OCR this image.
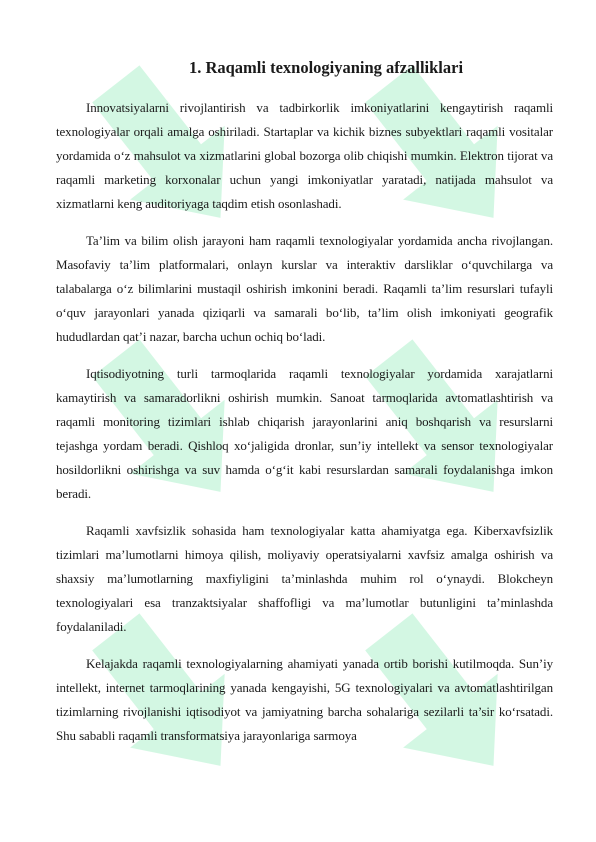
1. Raqamli texnologiyaning afzalliklari

Innovatsiyalarni rivojlantirish va tadbirkorlik imkoniyatlarini kengaytirish raqamli texnologiyalar orqali amalga oshiriladi. Startaplar va kichik biznes subyektlari raqamli vositalar yordamida o‘z mahsulot va xizmatlarini global bozorga olib chiqishi mumkin. Elektron tijorat va raqamli marketing korxonalar uchun yangi imkoniyatlar yaratadi, natijada mahsulot va xizmatlarni keng auditoriyaga taqdim etish osonlashadi.

Ta’lim va bilim olish jarayoni ham raqamli texnologiyalar yordamida ancha rivojlangan. Masofaviy ta’lim platformalari, onlayn kurslar va interaktiv darsliklar o‘quvchilarga va talabalarga o‘z bilimlarini mustaqil oshirish imkonini beradi. Raqamli ta’lim resurslari tufayli o‘quv jarayonlari yanada qiziqarli va samarali bo‘lib, ta’lim olish imkoniyati geografik hududlardan qat’i nazar, barcha uchun ochiq bo‘ladi.

Iqtisodiyotning turli tarmoqlarida raqamli texnologiyalar yordamida xarajatlarni kamaytirish va samaradorlikni oshirish mumkin. Sanoat tarmoqlarida avtomatlashtirish va raqamli monitoring tizimlari ishlab chiqarish jarayonlarini aniq boshqarish va resurslarni tejashga yordam beradi. Qishloq xo‘jaligida dronlar, sun’iy intellekt va sensor texnologiyalar hosildorlikni oshirishga va suv hamda o‘g‘it kabi resurslardan samarali foydalanishga imkon beradi.

Raqamli xavfsizlik sohasida ham texnologiyalar katta ahamiyatga ega. Kiberxavfsizlik tizimlari ma’lumotlarni himoya qilish, moliyaviy operatsiyalarni xavfsiz amalga oshirish va shaxsiy ma’lumotlarning maxfiyligini ta’minlashda muhim rol o‘ynaydi. Blokcheyn texnologiyalari esa tranzaktsiyalar shaffofligi va ma’lumotlar butunligini ta’minlashda foydalaniladi.

Kelajakda raqamli texnologiyalarning ahamiyati yanada ortib borishi kutilmoqda. Sun’iy intellekt, internet tarmoqlarining yanada kengayishi, 5G texnologiyalari va avtomatlashtirilgan tizimlarning rivojlanishi iqtisodiyot va jamiyatning barcha sohalariga sezilarli ta’sir ko‘rsatadi. Shu sababli raqamli transformatsiya jarayonlariga sarmoya
